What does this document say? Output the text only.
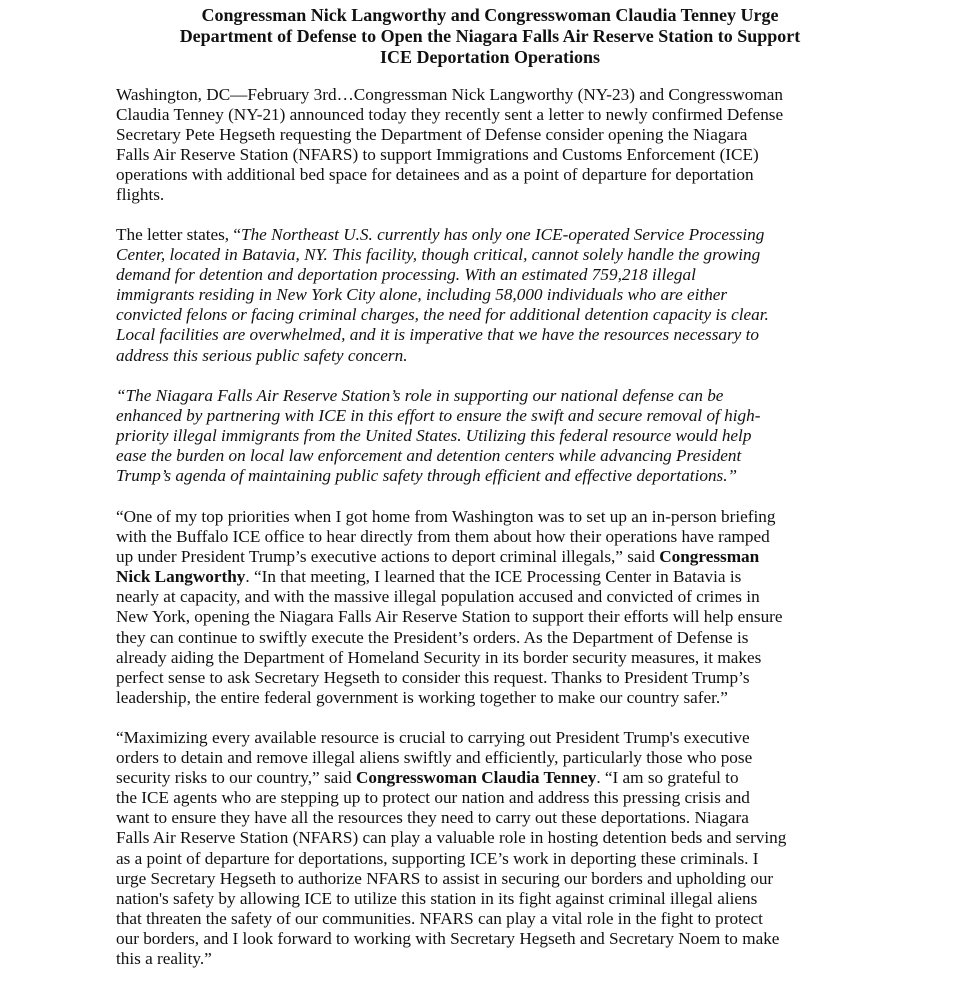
Congressman Nick Langworthy and Congresswoman Claudia Tenney Urge
Department of Defense to Open the Niagara Falls Air Reserve Station to Support
ICE Deportation Operations

Washington, DC—February 3rd…Congressman Nick Langworthy (NY-23) and Congresswoman
Claudia Tenney (NY-21) announced today they recently sent a letter to newly confirmed Defense
Secretary Pete Hegseth requesting the Department of Defense consider opening the Niagara
Falls Air Reserve Station (NFARS) to support Immigrations and Customs Enforcement (ICE)
operations with additional bed space for detainees and as a point of departure for deportation
flights.

The letter states, “The Northeast U.S. currently has only one ICE-operated Service Processing
Center, located in Batavia, NY. This facility, though critical, cannot solely handle the growing
demand for detention and deportation processing. With an estimated 759,218 illegal
immigrants residing in New York City alone, including 58,000 individuals who are either
convicted felons or facing criminal charges, the need for additional detention capacity is clear.
Local facilities are overwhelmed, and it is imperative that we have the resources necessary to
address this serious public safety concern.

“The Niagara Falls Air Reserve Station’s role in supporting our national defense can be
enhanced by partnering with ICE in this effort to ensure the swift and secure removal of high-
priority illegal immigrants from the United States. Utilizing this federal resource would help
ease the burden on local law enforcement and detention centers while advancing President
Trump’s agenda of maintaining public safety through efficient and effective deportations.”

“One of my top priorities when I got home from Washington was to set up an in-person briefing
with the Buffalo ICE office to hear directly from them about how their operations have ramped
up under President Trump’s executive actions to deport criminal illegals,” said Congressman
Nick Langworthy. “In that meeting, I learned that the ICE Processing Center in Batavia is
nearly at capacity, and with the massive illegal population accused and convicted of crimes in
New York, opening the Niagara Falls Air Reserve Station to support their efforts will help ensure
they can continue to swiftly execute the President’s orders. As the Department of Defense is
already aiding the Department of Homeland Security in its border security measures, it makes
perfect sense to ask Secretary Hegseth to consider this request. Thanks to President Trump’s
leadership, the entire federal government is working together to make our country safer.”

“Maximizing every available resource is crucial to carrying out President Trump's executive
orders to detain and remove illegal aliens swiftly and efficiently, particularly those who pose
security risks to our country,” said Congresswoman Claudia Tenney. “I am so grateful to
the ICE agents who are stepping up to protect our nation and address this pressing crisis and
want to ensure they have all the resources they need to carry out these deportations. Niagara
Falls Air Reserve Station (NFARS) can play a valuable role in hosting detention beds and serving
as a point of departure for deportations, supporting ICE’s work in deporting these criminals. I
urge Secretary Hegseth to authorize NFARS to assist in securing our borders and upholding our
nation's safety by allowing ICE to utilize this station in its fight against criminal illegal aliens
that threaten the safety of our communities. NFARS can play a vital role in the fight to protect
our borders, and I look forward to working with Secretary Hegseth and Secretary Noem to make
this a reality.”
